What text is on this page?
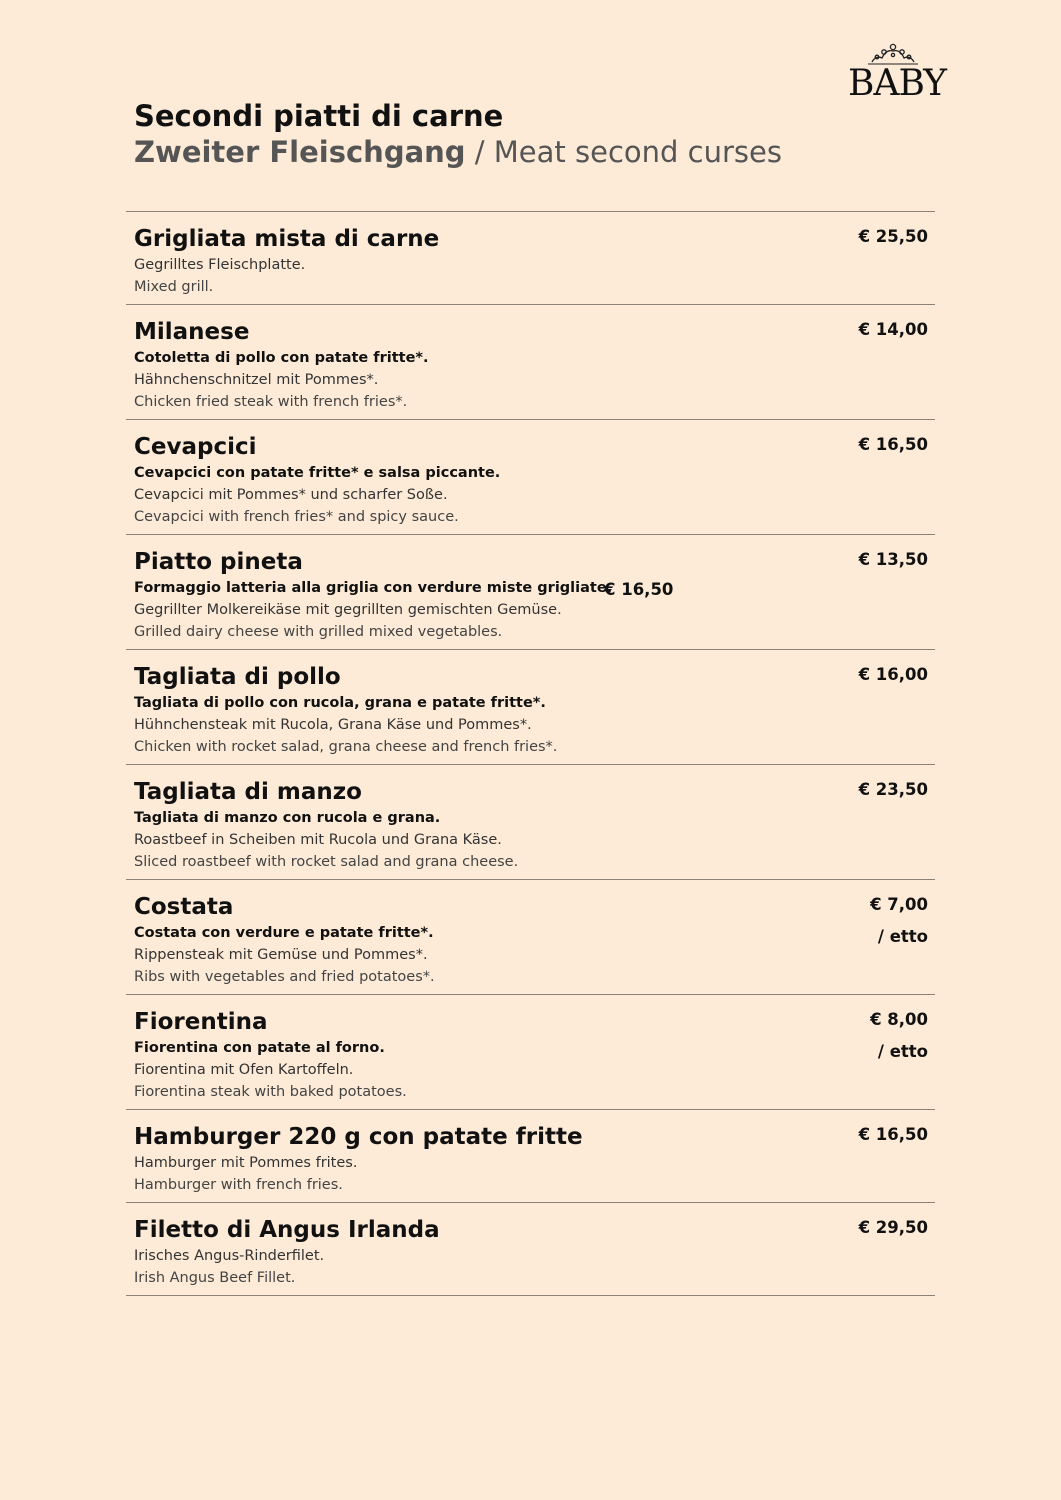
BABY

Secondi piatti di carne

Zweiter Fleischgang / Meat second curses

Grigliata mista di carne

Gegrilltes Fleischplatte.

Mixed grill.

€ 25,50

Milanese

Cotoletta di pollo con patate fritte*.

Hähnchenschnitzel mit Pommes*.

Chicken fried steak with french fries*.

€ 14,00

Cevapcici

Cevapcici con patate fritte* e salsa piccante.

Cevapcici mit Pommes* und scharfer Soße.

Cevapcici with french fries* and spicy sauce.

€ 16,50

Piatto pineta

Formaggio latteria alla griglia con verdure miste grigliate.

Gegrillter Molkereikäse mit gegrillten gemischten Gemüse.

Grilled dairy cheese with grilled mixed vegetables.

€ 16,50
€ 13,50

Tagliata di pollo

Tagliata di pollo con rucola, grana e patate fritte*.

Hühnchensteak mit Rucola, Grana Käse und Pommes*.

Chicken with rocket salad, grana cheese and french fries*.

€ 16,00

Tagliata di manzo

Tagliata di manzo con rucola e grana.

Roastbeef in Scheiben mit Rucola und Grana Käse.

Sliced roastbeef with rocket salad and grana cheese.

€ 23,50

Costata

Costata con verdure e patate fritte*.

Rippensteak mit Gemüse und Pommes*.

Ribs with vegetables and fried potatoes*.

€ 7,00
/ etto

Fiorentina

Fiorentina con patate al forno.

Fiorentina mit Ofen Kartoffeln.

Fiorentina steak with baked potatoes.

€ 8,00
/ etto

Hamburger 220 g con patate fritte

Hamburger mit Pommes frites.

Hamburger with french fries.

€ 16,50

Filetto di Angus Irlanda

Irisches Angus-Rinderfilet.

Irish Angus Beef Fillet.

€ 29,50
